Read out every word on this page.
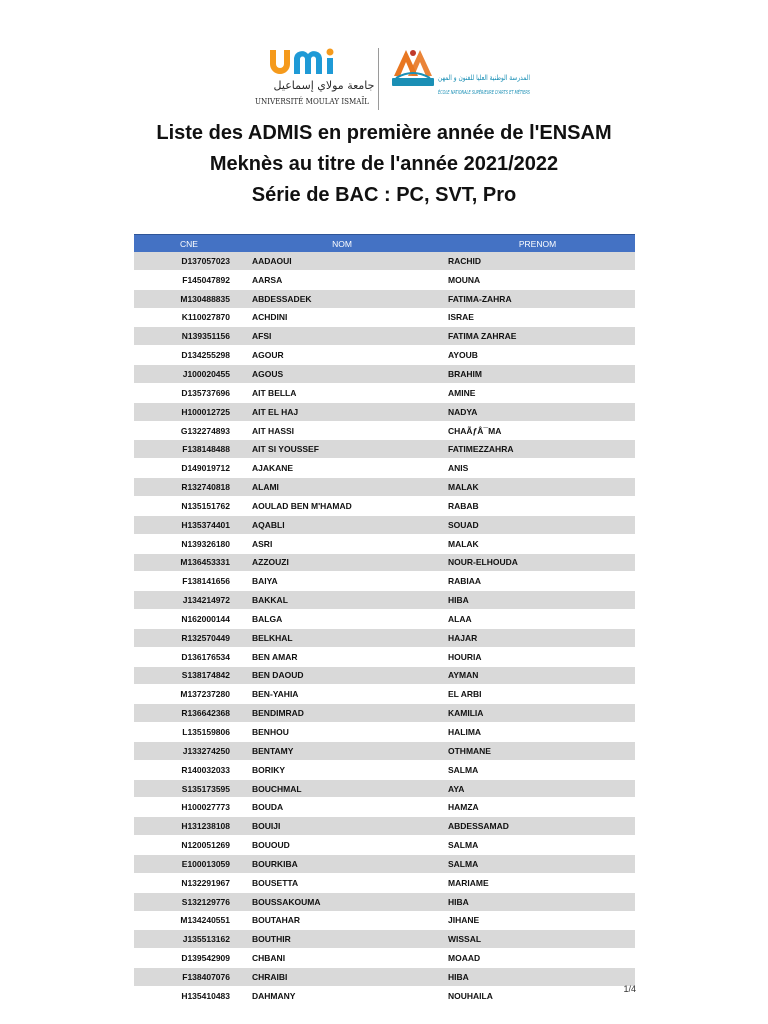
جامعة مولاي إسماعيل
UNIVERSITÉ MOULAY ISMAÏL
المدرسة الوطنية العليا للفنون و المهن
ÉCOLE NATIONALE SUPÉRIEURE D'ARTS ET MÉTIERS
Liste des ADMIS en première année de l'ENSAM
Meknès au titre de l'année 2021/2022
Série de BAC : PC, SVT, Pro
CNE	NOM	PRENOM
D137057023	AADAOUI	RACHID
F145047892	AARSA	MOUNA
M130488835	ABDESSADEK	FATIMA-ZAHRA
K110027870	ACHDINI	ISRAE
N139351156	AFSI	FATIMA ZAHRAE
D134255298	AGOUR	AYOUB
J100020455	AGOUS	BRAHIM
D135737696	AIT BELLA	AMINE
H100012725	AIT EL HAJ	NADYA
G132274893	AIT HASSI	CHAÃƒÂ¯MA
F138148488	AIT SI YOUSSEF	FATIMEZZAHRA
D149019712	AJAKANE	ANIS
R132740818	ALAMI	MALAK
N135151762	AOULAD BEN M'HAMAD	RABAB
H135374401	AQABLI	SOUAD
N139326180	ASRI	MALAK
M136453331	AZZOUZI	NOUR-ELHOUDA
F138141656	BAIYA	RABIAA
J134214972	BAKKAL	HIBA
N162000144	BALGA	ALAA
R132570449	BELKHAL	HAJAR
D136176534	BEN AMAR	HOURIA
S138174842	BEN DAOUD	AYMAN
M137237280	BEN-YAHIA	EL ARBI
R136642368	BENDIMRAD	KAMILIA
L135159806	BENHOU	HALIMA
J133274250	BENTAMY	OTHMANE
R140032033	BORIKY	SALMA
S135173595	BOUCHMAL	AYA
H100027773	BOUDA	HAMZA
H131238108	BOUIJI	ABDESSAMAD
N120051269	BOUOUD	SALMA
E100013059	BOURKIBA	SALMA
N132291967	BOUSETTA	MARIAME
S132129776	BOUSSAKOUMA	HIBA
M134240551	BOUTAHAR	JIHANE
J135513162	BOUTHIR	WISSAL
D139542909	CHBANI	MOAAD
F138407076	CHRAIBI	HIBA
H135410483	DAHMANY	NOUHAILA
1/4
